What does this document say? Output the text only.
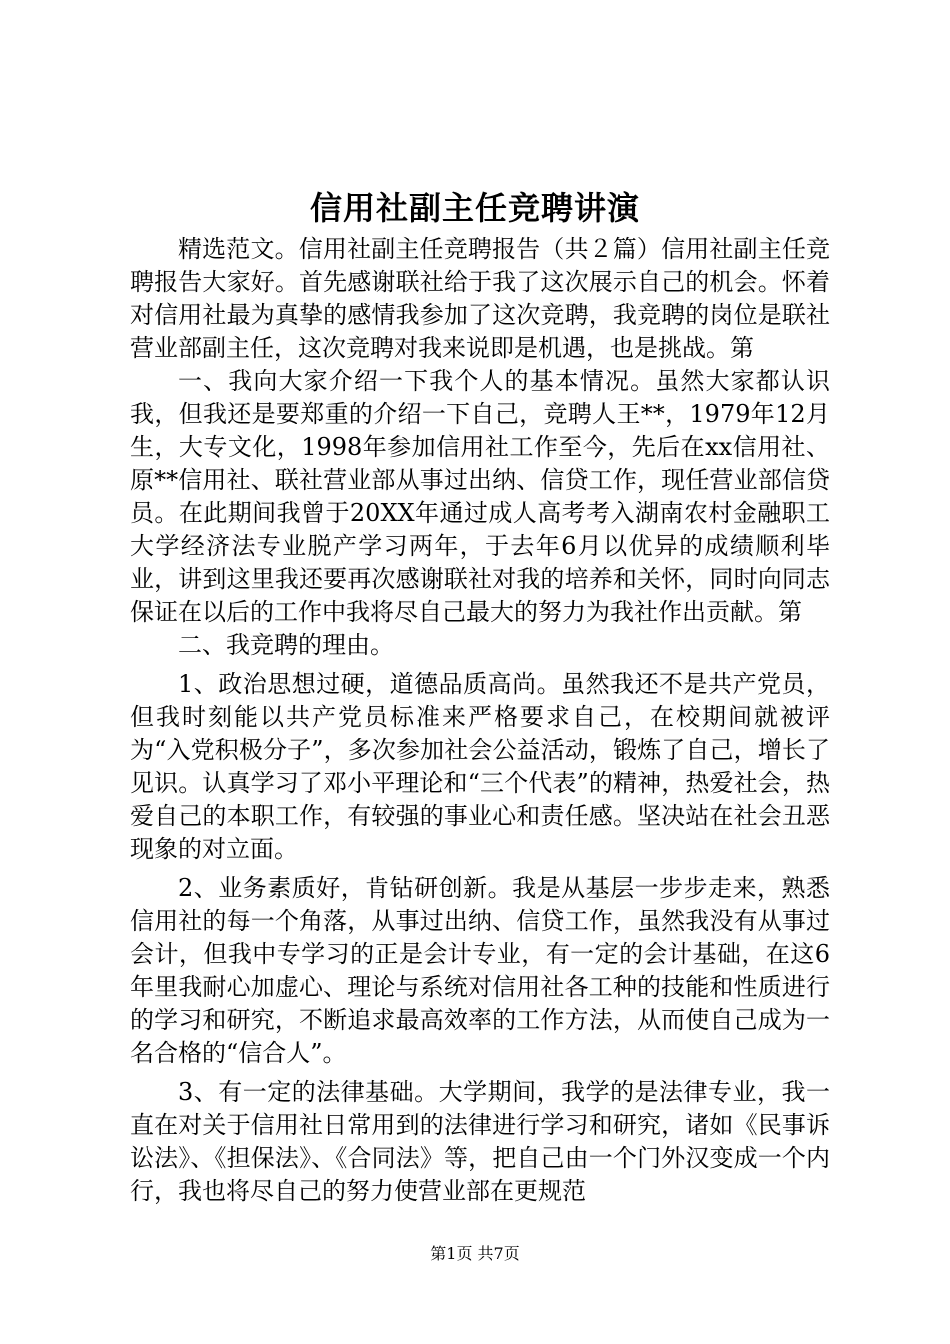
信用社副主任竞聘讲演

精选范文。信用社副主任竞聘报告（共２篇）信用社副主任竞聘报告大家好。首先感谢联社给于我了这次展示自己的机会。怀着对信用社最为真挚的感情我参加了这次竞聘，我竞聘的岗位是联社营业部副主任，这次竞聘对我来说即是机遇，也是挑战。第

一、我向大家介绍一下我个人的基本情况。虽然大家都认识我，但我还是要郑重的介绍一下自己，竞聘人王**，1979年12月生，大专文化，1998年参加信用社工作至今，先后在xx信用社、原**信用社、联社营业部从事过出纳、信贷工作，现任营业部信贷员。在此期间我曾于20XX年通过成人高考考入湖南农村金融职工大学经济法专业脱产学习两年，于去年6月以优异的成绩顺利毕业，讲到这里我还要再次感谢联社对我的培养和关怀，同时向同志保证在以后的工作中我将尽自己最大的努力为我社作出贡献。第

二、我竞聘的理由。

1、政治思想过硬，道德品质高尚。虽然我还不是共产党员，但我时刻能以共产党员标准来严格要求自己，在校期间就被评为“入党积极分子”，多次参加社会公益活动，锻炼了自己，增长了见识。认真学习了邓小平理论和“三个代表”的精神，热爱社会，热爱自己的本职工作，有较强的事业心和责任感。坚决站在社会丑恶现象的对立面。

2、业务素质好，肯钻研创新。我是从基层一步步走来，熟悉信用社的每一个角落，从事过出纳、信贷工作，虽然我没有从事过会计，但我中专学习的正是会计专业，有一定的会计基础，在这6年里我耐心加虚心、理论与系统对信用社各工种的技能和性质进行的学习和研究，不断追求最高效率的工作方法，从而使自己成为一名合格的“信合人”。

3、有一定的法律基础。大学期间，我学的是法律专业，我一直在对关于信用社日常用到的法律进行学习和研究，诸如《民事诉讼法》、《担保法》、《合同法》等，把自己由一个门外汉变成一个内行，我也将尽自己的努力使营业部在更规范

第1页 共7页
